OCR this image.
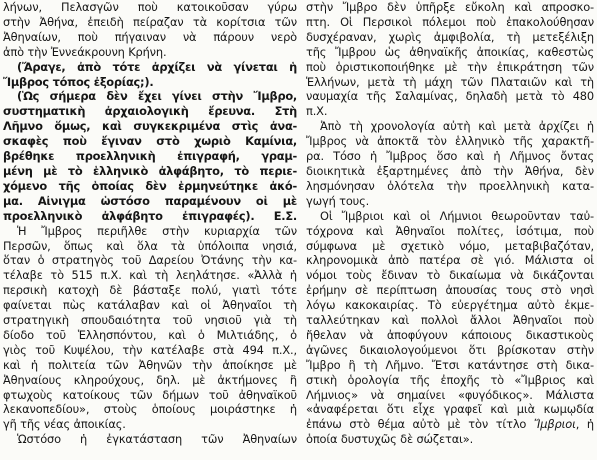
λήνων, Πελασγῶν ποὺ κατοικοῦσαν γύρω
στὴν Ἀθήνα, ἐπειδὴ πείραζαν τὰ κορίτσια τῶν
Ἀθηναίων, ποὺ πήγαιναν νὰ πάρουν νερὸ
ἀπὸ τὴν Ἐννεάκρουνη Κρήνη.
(Ἄραγε, ἀπὸ τότε ἀρχίζει νὰ γίνεται ἡ
Ἴμβρος τόπος ἐξορίας;).
(Ὡς σήμερα δὲν ἔχει γίνει στὴν Ἴμβρο,
συστηματικὴ ἀρχαιολογικὴ ἔρευνα. Στὴ
Λῆμνο ὅμως, καὶ συγκεκριμένα στὶς ἀνα-
σκαφὲς ποὺ ἔγιναν στὸ χωριὸ Καμίνια,
βρέθηκε προελληνικὴ ἐπιγραφή, γραμ-
μένη μὲ τὸ ἑλληνικὸ ἀλφάβητο, τὸ περιε-
χόμενο τῆς ὁποίας δὲν ἑρμηνεύτηκε ἀκό-
μα. Αἰνιγμα ὡστόσο παραμένουν οἱ μὲ
προελληνικὸ ἀλφάβητο ἐπιγραφές). Ε.Σ.
Ἡ Ἴμβρος περιῆλθε στὴν κυριαρχία τῶν
Περσῶν, ὅπως καὶ ὅλα τὰ ὑπόλοιπα νησιά,
ὅταν ὁ στρατηγὸς τοῦ Δαρείου Ὀτάνης τὴν κα-
τέλαβε τὸ 515 π.Χ. καὶ τὴ λεηλάτησε. «Ἀλλὰ ἡ
περσικὴ κατοχὴ δὲ βάσταξε πολύ, γιατὶ τότε
φαίνεται πὼς κατάλαβαν καὶ οἱ Ἀθηναῖοι τὴ
στρατηγικὴ σπουδαιότητα τοῦ νησιοῦ γιὰ τὴ
δίοδο τοῦ Ἑλλησπόντου, καὶ ὁ Μιλτιάδης, ὁ
γιὸς τοῦ Κυψέλου, τὴν κατέλαβε στὰ 494 π.Χ.,
καὶ ἡ πολιτεία τῶν Ἀθηνῶν τὴν ἀποίκησε μὲ
Ἀθηναίους κληρούχους, δηλ. μὲ ἀκτήμονες ἢ
φτωχοὺς κατοίκους τῶν δήμων τοῦ ἀθηναϊκοῦ
λεκανοπεδίου», στοὺς ὁποίους μοιράστηκε ἡ
γῆ τῆς νέας ἀποικίας.
Ὡστόσο ἡ ἐγκατάσταση τῶν Ἀθηναίων
στὴν Ἴμβρο δὲν ὑπῆρξε εὔκολη καὶ απροσκο-
πτη. Οἱ Περσικοὶ πόλεμοι ποὺ ἐπακολούθησαν
δυσχέραναν, χωρὶς ἀμφιβολία, τὴ μετεξέλιξη
τῆς Ἴμβρου ὡς ἀθηναϊκῆς ἀποικίας, καθεστὼς
ποὺ ὁριστικοποιήθηκε μὲ τὴν ἐπικράτηση τῶν
Ἑλλήνων, μετὰ τὴ μάχη τῶν Πλαταιῶν καὶ τὴ
ναυμαχία τῆς Σαλαμίνας, δηλαδὴ μετὰ τὸ 480
π.Χ.
Ἀπὸ τὴ χρονολογία αὐτὴ καὶ μετὰ ἀρχίζει ἡ
Ἴμβρος νὰ ἀποκτᾶ τὸν ἑλληνικὸ τῆς χαρακτῆ-
ρα. Τόσο ἡ Ἴμβρος ὅσο καὶ ἡ Λῆμνος ὄντας
διοικητικὰ ἐξαρτημένες ἀπὸ τὴν Ἀθήνα, δὲν
λησμόνησαν ὁλότελα τὴν προελληνικὴ κατα-
γωγή τους.
Οἱ Ἴμβριοι καὶ οἱ Λήμνιοι θεωροῦνταν ταὐ-
τόχρονα καὶ Ἀθηναῖοι πολίτες, ἰσότιμα, ποὺ
σύμφωνα μὲ σχετικὸ νόμο, μεταβιβαζόταν,
κληρονομικὰ ἀπὸ πατέρα σὲ γιό. Μάλιστα οἱ
νόμοι τοὺς ἔδιναν τὸ δικαίωμα νὰ δικάζονται
ἐρήμην σὲ περίπτωση ἀπουσίας τους στὸ νησὶ
λόγω κακοκαιρίας. Τὸ εὐεργέτημα αὐτὸ ἐκμε-
ταλλεύτηκαν καὶ πολλοὶ ἄλλοι Ἀθηναῖοι ποὺ
ἤθελαν νὰ ἀποφύγουν κάποιους δικαστικοὺς
ἀγῶνες δικαιολογούμενοι ὅτι βρίσκοταν στὴν
Ἴμβρο ἢ τὴ Λῆμνο. Ἔτσι κατάντησε στὴ δικα-
στικὴ ὁρολογία τῆς ἐποχῆς τὸ «Ἴμβριος καὶ
Λήμνιος» νὰ σημαίνει «φυγόδικος». Μάλιστα
«ἀναφέρεται ὅτι εἶχε γραφεῖ καὶ μιὰ κωμῳδία
ἐπάνω στὸ θέμα αὐτὸ μὲ τὸν τίτλο Ἴμβριοι, ἡ
ὁποία δυστυχῶς δὲ σώζεται».
